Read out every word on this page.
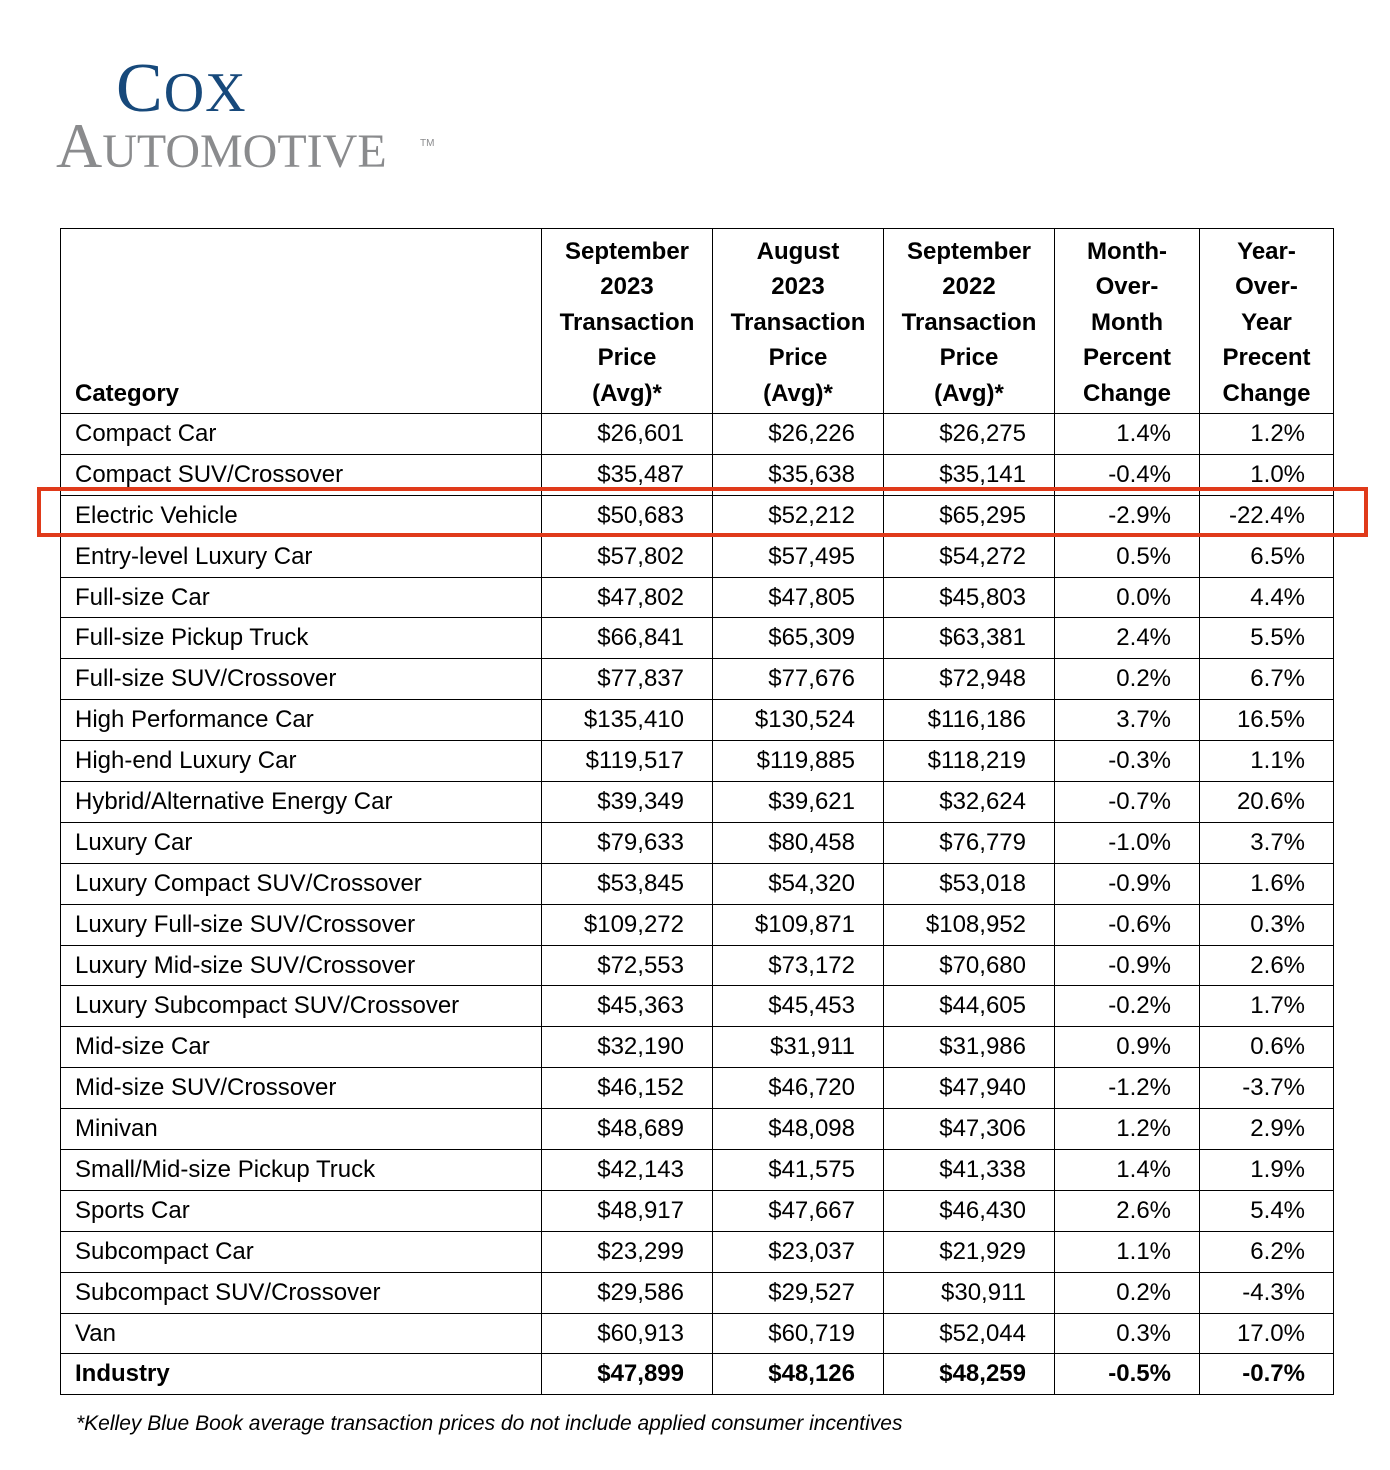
COX
AUTOMOTIVE	TM
Category	September
2023
Transaction
Price
(Avg)*	August
2023
Transaction
Price
(Avg)*	September
2022
Transaction
Price
(Avg)*	Month-
Over-
Month
Percent
Change	Year-
Over-
Year
Precent
Change

Compact Car	$26,601	$26,226	$26,275	1.4%	1.2%
Compact SUV/Crossover	$35,487	$35,638	$35,141	-0.4%	1.0%
Electric Vehicle	$50,683	$52,212	$65,295	-2.9%	-22.4%
Entry-level Luxury Car	$57,802	$57,495	$54,272	0.5%	6.5%
Full-size Car	$47,802	$47,805	$45,803	0.0%	4.4%
Full-size Pickup Truck	$66,841	$65,309	$63,381	2.4%	5.5%
Full-size SUV/Crossover	$77,837	$77,676	$72,948	0.2%	6.7%
High Performance Car	$135,410	$130,524	$116,186	3.7%	16.5%
High-end Luxury Car	$119,517	$119,885	$118,219	-0.3%	1.1%
Hybrid/Alternative Energy Car	$39,349	$39,621	$32,624	-0.7%	20.6%
Luxury Car	$79,633	$80,458	$76,779	-1.0%	3.7%
Luxury Compact SUV/Crossover	$53,845	$54,320	$53,018	-0.9%	1.6%
Luxury Full-size SUV/Crossover	$109,272	$109,871	$108,952	-0.6%	0.3%
Luxury Mid-size SUV/Crossover	$72,553	$73,172	$70,680	-0.9%	2.6%
Luxury Subcompact SUV/Crossover	$45,363	$45,453	$44,605	-0.2%	1.7%
Mid-size Car	$32,190	$31,911	$31,986	0.9%	0.6%
Mid-size SUV/Crossover	$46,152	$46,720	$47,940	-1.2%	-3.7%
Minivan	$48,689	$48,098	$47,306	1.2%	2.9%
Small/Mid-size Pickup Truck	$42,143	$41,575	$41,338	1.4%	1.9%
Sports Car	$48,917	$47,667	$46,430	2.6%	5.4%
Subcompact Car	$23,299	$23,037	$21,929	1.1%	6.2%
Subcompact SUV/Crossover	$29,586	$29,527	$30,911	0.2%	-4.3%
Van	$60,913	$60,719	$52,044	0.3%	17.0%
Industry	$47,899	$48,126	$48,259	-0.5%	-0.7%
*Kelley Blue Book average transaction prices do not include applied consumer incentives
